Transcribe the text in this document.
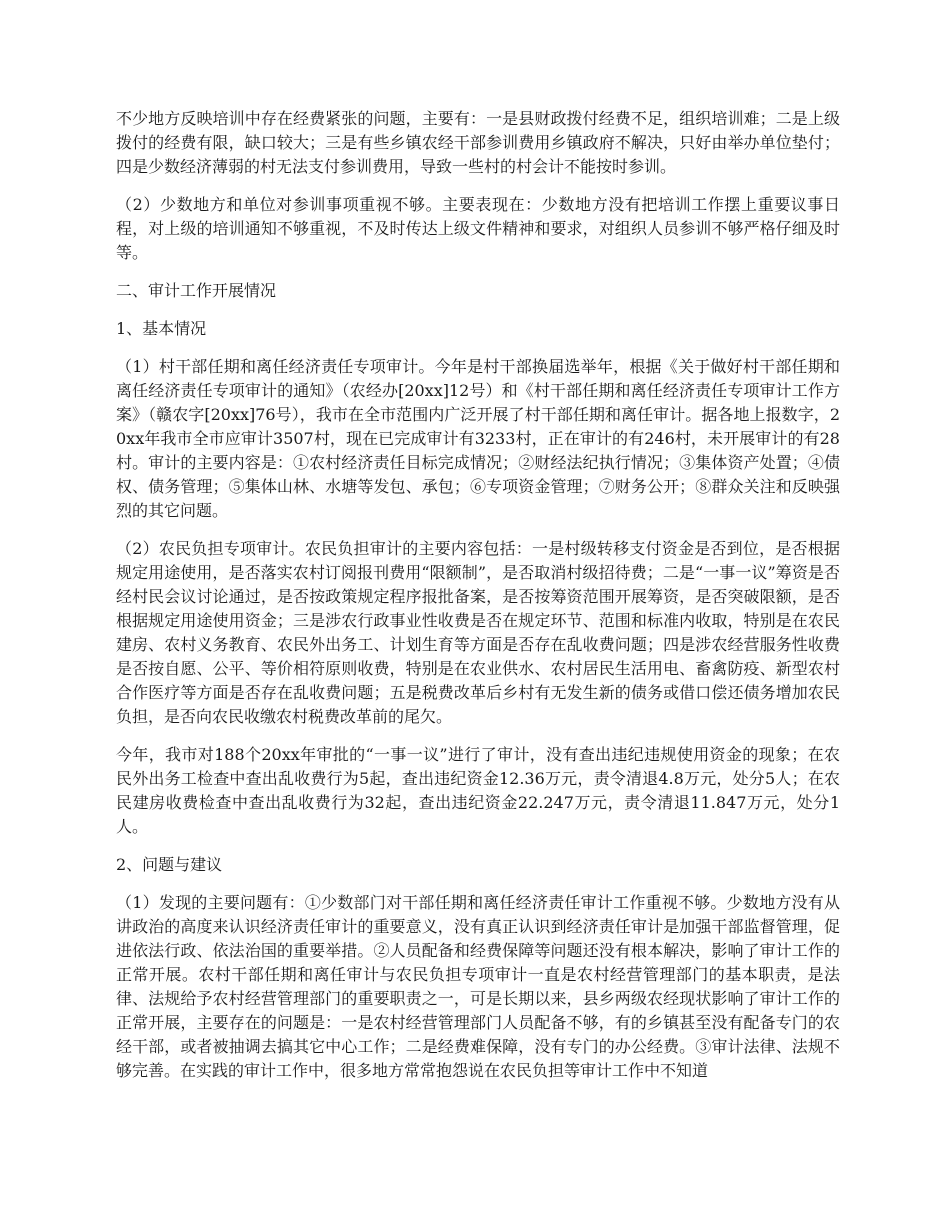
不少地方反映培训中存在经费紧张的问题，主要有：一是县财政拨付经费不足，组织培训难；二是上级拨付的经费有限，缺口较大；三是有些乡镇农经干部参训费用乡镇政府不解决，只好由举办单位垫付；四是少数经济薄弱的村无法支付参训费用，导致一些村的村会计不能按时参训。

（2）少数地方和单位对参训事项重视不够。主要表现在：少数地方没有把培训工作摆上重要议事日程，对上级的培训通知不够重视，不及时传达上级文件精神和要求，对组织人员参训不够严格仔细及时等。

二、审计工作开展情况

1、基本情况

（1）村干部任期和离任经济责任专项审计。今年是村干部换届选举年，根据《关于做好村干部任期和离任经济责任专项审计的通知》（农经办[20xx]12号）和《村干部任期和离任经济责任专项审计工作方案》（赣农字[20xx]76号），我市在全市范围内广泛开展了村干部任期和离任审计。据各地上报数字，20xx年我市全市应审计3507村，现在已完成审计有3233村，正在审计的有246村，未开展审计的有28村。审计的主要内容是：①农村经济责任目标完成情况；②财经法纪执行情况；③集体资产处置；④债权、债务管理；⑤集体山林、水塘等发包、承包；⑥专项资金管理；⑦财务公开；⑧群众关注和反映强烈的其它问题。

（2）农民负担专项审计。农民负担审计的主要内容包括：一是村级转移支付资金是否到位，是否根据规定用途使用，是否落实农村订阅报刊费用“限额制”，是否取消村级招待费；二是“一事一议”筹资是否经村民会议讨论通过，是否按政策规定程序报批备案，是否按筹资范围开展筹资，是否突破限额，是否根据规定用途使用资金；三是涉农行政事业性收费是否在规定环节、范围和标准内收取，特别是在农民建房、农村义务教育、农民外出务工、计划生育等方面是否存在乱收费问题；四是涉农经营服务性收费是否按自愿、公平、等价相符原则收费，特别是在农业供水、农村居民生活用电、畜禽防疫、新型农村合作医疗等方面是否存在乱收费问题；五是税费改革后乡村有无发生新的债务或借口偿还债务增加农民负担，是否向农民收缴农村税费改革前的尾欠。

今年，我市对188个20xx年审批的“一事一议”进行了审计，没有查出违纪违规使用资金的现象；在农民外出务工检查中查出乱收费行为5起，查出违纪资金12.36万元，责令清退4.8万元，处分5人；在农民建房收费检查中查出乱收费行为32起，查出违纪资金22.247万元，责令清退11.847万元，处分1人。

2、问题与建议

（1）发现的主要问题有：①少数部门对干部任期和离任经济责任审计工作重视不够。少数地方没有从讲政治的高度来认识经济责任审计的重要意义，没有真正认识到经济责任审计是加强干部监督管理，促进依法行政、依法治国的重要举措。②人员配备和经费保障等问题还没有根本解决，影响了审计工作的正常开展。农村干部任期和离任审计与农民负担专项审计一直是农村经营管理部门的基本职责，是法律、法规给予农村经营管理部门的重要职责之一，可是长期以来，县乡两级农经现状影响了审计工作的正常开展，主要存在的问题是：一是农村经营管理部门人员配备不够，有的乡镇甚至没有配备专门的农经干部，或者被抽调去搞其它中心工作；二是经费难保障，没有专门的办公经费。③审计法律、法规不够完善。在实践的审计工作中，很多地方常常抱怨说在农民负担等审计工作中不知道
